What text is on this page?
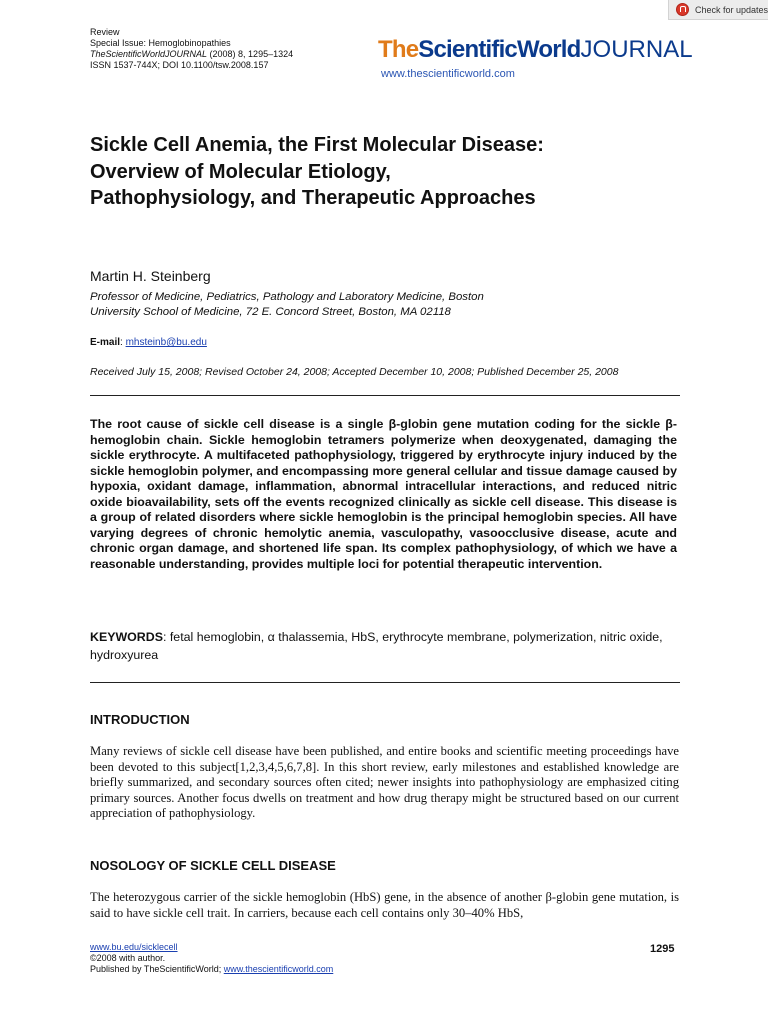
Review
Special Issue: Hemoglobinopathies
TheScientificWorldJOURNAL (2008) 8, 1295–1324
ISSN 1537-744X; DOI 10.1100/tsw.2008.157
Check for updates
TheScientificWorldJOURNAL
www.thescientificworld.com
Sickle Cell Anemia, the First Molecular Disease: Overview of Molecular Etiology, Pathophysiology, and Therapeutic Approaches
Martin H. Steinberg
Professor of Medicine, Pediatrics, Pathology and Laboratory Medicine, Boston
University School of Medicine, 72 E. Concord Street, Boston, MA 02118
E-mail: mhsteinb@bu.edu
Received July 15, 2008; Revised October 24, 2008; Accepted December 10, 2008; Published December 25, 2008
The root cause of sickle cell disease is a single β-globin gene mutation coding for the sickle β-hemoglobin chain. Sickle hemoglobin tetramers polymerize when deoxygenated, damaging the sickle erythrocyte. A multifaceted pathophysiology, triggered by erythrocyte injury induced by the sickle hemoglobin polymer, and encompassing more general cellular and tissue damage caused by hypoxia, oxidant damage, inflammation, abnormal intracellular interactions, and reduced nitric oxide bioavailability, sets off the events recognized clinically as sickle cell disease. This disease is a group of related disorders where sickle hemoglobin is the principal hemoglobin species. All have varying degrees of chronic hemolytic anemia, vasculopathy, vasoocclusive disease, acute and chronic organ damage, and shortened life span. Its complex pathophysiology, of which we have a reasonable understanding, provides multiple loci for potential therapeutic intervention.
KEYWORDS: fetal hemoglobin, α thalassemia, HbS, erythrocyte membrane, polymerization, nitric oxide, hydroxyurea
INTRODUCTION
Many reviews of sickle cell disease have been published, and entire books and scientific meeting proceedings have been devoted to this subject[1,2,3,4,5,6,7,8]. In this short review, early milestones and established knowledge are briefly summarized, and secondary sources often cited; newer insights into pathophysiology are emphasized citing primary sources. Another focus dwells on treatment and how drug therapy might be structured based on our current appreciation of pathophysiology.
NOSOLOGY OF SICKLE CELL DISEASE
The heterozygous carrier of the sickle hemoglobin (HbS) gene, in the absence of another β-globin gene mutation, is said to have sickle cell trait. In carriers, because each cell contains only 30–40% HbS,
www.bu.edu/sicklecell
©2008 with author.
Published by TheScientificWorld; www.thescientificworld.com
1295
